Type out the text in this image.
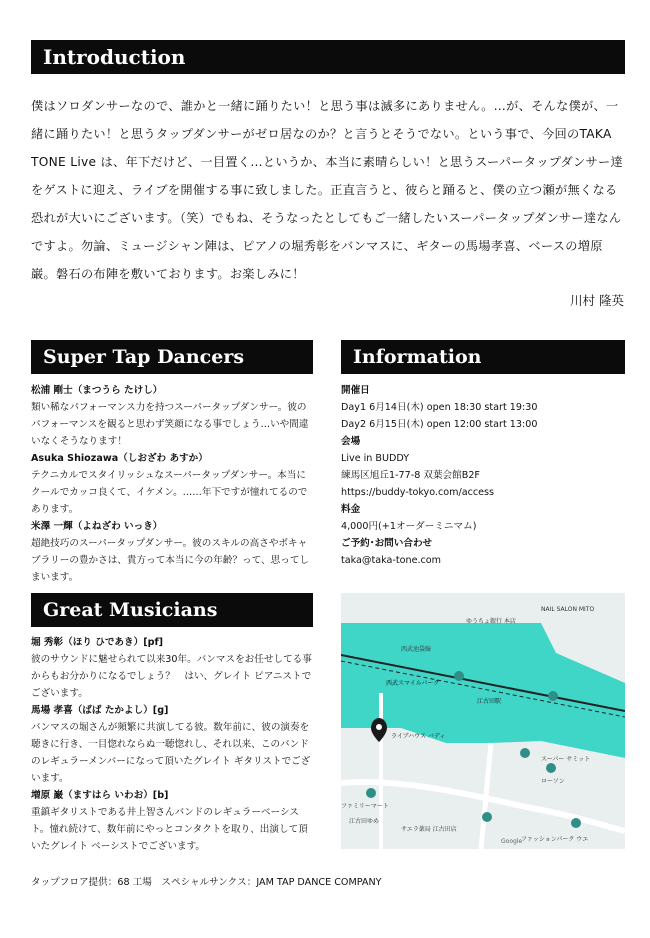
Introduction

僕はソロダンサーなので、誰かと一緒に踊りたい！と思う事は滅多にありません。…が、そんな僕が、一緒に踊りたい！と思うタップダンサーがゼロ居なのか？と言うとそうでない。という事で、今回のTAKA TONE Live は、年下だけど、一目置く…というか、本当に素晴らしい！と思うスーパータップダンサー達をゲストに迎え、ライブを開催する事に致しました。正直言うと、彼らと踊ると、僕の立つ瀬が無くなる恐れが大いにございます。（笑）でもね、そうなったとしてもご一緒したいスーパータップダンサー達なんですよ。勿論、ミュージシャン陣は、ピアノの堀秀彰をバンマスに、ギターの馬場孝喜、ベースの増原巌。磐石の布陣を敷いております。お楽しみに！

川村 隆英
Super Tap Dancers	Information
松浦 剛士（まつうら たけし）

類い稀なパフォーマンス力を持つスーパータップダンサー。彼のパフォーマンスを観ると思わず笑顔になる事でしょう…いや間違いなくそうなります！

Asuka Shiozawa（しおざわ あすか）

テクニカルでスタイリッシュなスーパータップダンサー。本当にクールでカッコ良くて、イケメン。……年下ですが憧れてるのであります。

米澤 一輝（よねざわ いっき）

超絶技巧のスーパータップダンサー。彼のスキルの高さやボキャブラリーの豊かさは、貴方って本当に今の年齢？って、思ってしまいます。

開催日
Day1 6月14日(木) open 18:30 start 19:30
Day2 6月15日(木) open 12:00 start 13:00
会場
Live in BUDDY
練馬区旭丘1-77-8 双葉会館B2F
https://buddy-tokyo.com/access
料金
4,000円(+1オーダーミニマム)
ご予約･お問い合わせ
taka@taka-tone.com
Great Musicians
堀 秀彰（ほり ひであき）[pf]

彼のサウンドに魅せられて以来30年。バンマスをお任せしてる事からもお分かりになるでしょう？　はい、グレイト ピアニストでございます。

馬場 孝喜（ばば たかよし）[g]

バンマスの堀さんが頻繁に共演してる彼。数年前に、彼の演奏を聴きに行き、一目惚れならぬ一聴惚れし、それ以来、このバンドのレギュラーメンバーになって頂いたグレイト ギタリストでございます。

増原 巌（ますはら いわお）[b]

重鎮ギタリストである井上智さんバンドのレギュラーベーシスト。憧れ続けて、数年前にやっとコンタクトを取り、出演して頂いたグレイト ベーシストでございます。

NAIL SALON MITO
ゆうちょ銀行 本店
西武池袋線
ライブハウス バディ
江古田駅
ファッションパーク ウエ
Google
スーパー サミット
サエラ薬局 江古田店
ファミリーマート
ローソン
江古田ゆめ
西武スマイルパーク
タップフロア提供：68 工場　スペシャルサンクス：JAM TAP DANCE COMPANY
